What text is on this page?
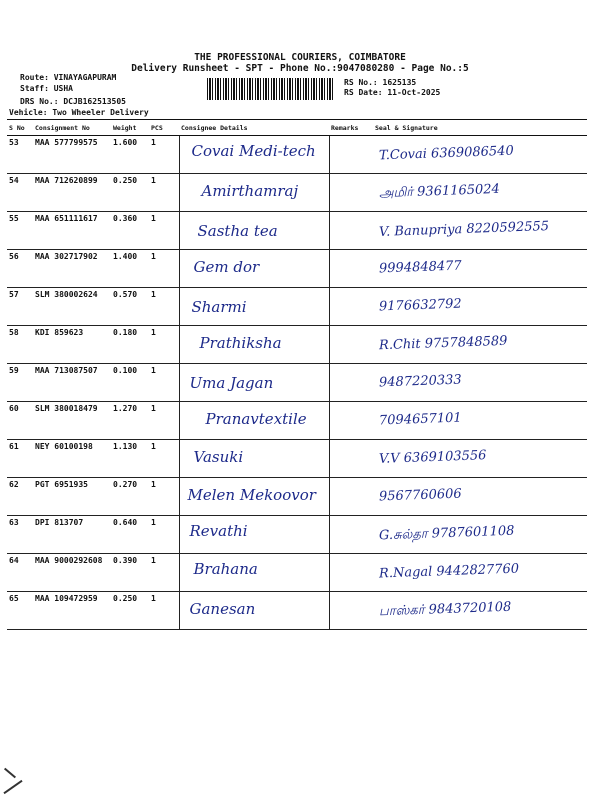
THE PROFESSIONAL COURIERS, COIMBATORE
Delivery Runsheet - SPT - Phone No.:9047080280 - Page No.:5
Route: VINAYAGAPURAM
Staff: USHA
DRS No.: DCJB162513505
Vehicle: Two Wheeler Delivery
RS No.: 1625135
RS Date: 11-Oct-2025
S No	Consignment No	Weight	PCS	Consignee Details	Remarks	Seal & Signature
53	MAA 577799575	1.600	1	Covai Medi-tech		T.Covai 6369086540

54	MAA 712620899	0.250	1	Amirthamraj		அமிர் 9361165024

55	MAA 651111617	0.360	1	Sastha tea		V. Banupriya 8220592555

56	MAA 302717902	1.400	1	Gem dor		9994848477

57	SLM 380002624	0.570	1	Sharmi		9176632792

58	KDI 859623	0.180	1	Prathiksha		R.Chit 9757848589

59	MAA 713087507	0.100	1	Uma Jagan		9487220333

60	SLM 380018479	1.270	1	Pranavtextile		7094657101

61	NEY 60100198	1.130	1	Vasuki		V.V 6369103556

62	PGT 6951935	0.270	1	Melen Mekoovor		9567760606

63	DPI 813707	0.640	1	Revathi		G.சுல்தா 9787601108

64	MAA 9000292608	0.390	1	Brahana		R.Nagal 9442827760

65	MAA 109472959	0.250	1	Ganesan		பாஸ்கர் 9843720108
